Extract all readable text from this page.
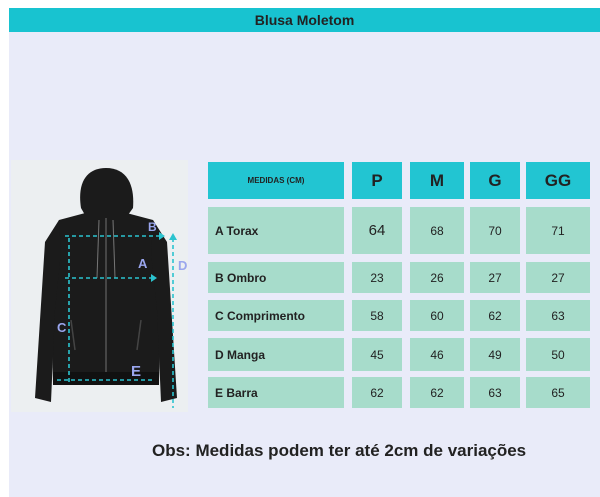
Blusa Moletom
B
A D
C
E
MEDIDAS (CM)	P	M	G	GG
A Torax	64	68	70	71
B Ombro	23	26	27	27
C Comprimento	58	60	62	63
D Manga	45	46	49	50
E Barra	62	62	63	65
Obs: Medidas podem ter até 2cm de variações
